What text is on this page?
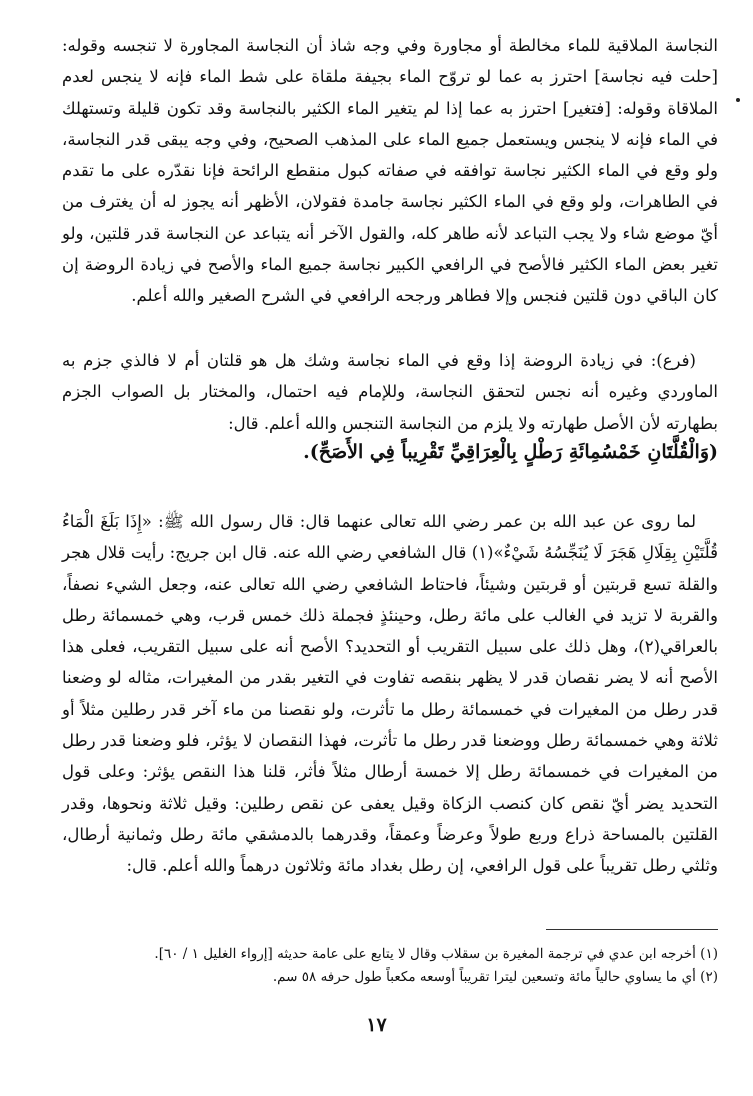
النجاسة الملاقية للماء مخالطة أو مجاورة وفي وجه شاذ أن النجاسة المجاورة لا تنجسه وقوله: [حلت فيه نجاسة] احترز به عما لو تروّح الماء بجيفة ملقاة على شط الماء فإنه لا ينجس لعدم الملاقاة وقوله: [فتغير] احترز به عما إذا لم يتغير الماء الكثير بالنجاسة وقد تكون قليلة وتستهلك في الماء فإنه لا ينجس ويستعمل جميع الماء على المذهب الصحيح، وفي وجه يبقى قدر النجاسة، ولو وقع في الماء الكثير نجاسة توافقه في صفاته كبول منقطع الرائحة فإنا نقدّره على ما تقدم في الطاهرات، ولو وقع في الماء الكثير نجاسة جامدة فقولان، الأظهر أنه يجوز له أن يغترف من أيّ موضع شاء ولا يجب التباعد لأنه طاهر كله، والقول الآخر أنه يتباعد عن النجاسة قدر قلتين، ولو تغير بعض الماء الكثير فالأصح في الرافعي الكبير نجاسة جميع الماء والأصح في زيادة الروضة إن كان الباقي دون قلتين فنجس وإلا فطاهر ورجحه الرافعي في الشرح الصغير والله أعلم.

(فرع): في زيادة الروضة إذا وقع في الماء نجاسة وشك هل هو قلتان أم لا فالذي جزم به الماوردي وغيره أنه نجس لتحقق النجاسة، وللإمام فيه احتمال، والمختار بل الصواب الجزم بطهارته لأن الأصل طهارته ولا يلزم من النجاسة التنجس والله أعلم. قال:

(وَالْقُلَّتَانِ خَمْسُمِائَةِ رَطْلٍ بِالْعِرَاقِيِّ تَقْرِيباً فِي الأَصَحِّ).

لما روى عن عبد الله بن عمر رضي الله تعالى عنهما قال: قال رسول الله ﷺ: «إِذَا بَلَغَ الْمَاءُ قُلَّتَيْنِ بِقِلَالِ هَجَرَ لَا يُنَجِّسُهُ شَيْءٌ»(١) قال الشافعي رضي الله عنه. قال ابن جريج: رأيت قلال هجر والقلة تسع قربتين أو قربتين وشيئاً، فاحتاط الشافعي رضي الله تعالى عنه، وجعل الشيء نصفاً، والقربة لا تزيد في الغالب على مائة رطل، وحينئذٍ فجملة ذلك خمس قرب، وهي خمسمائة رطل بالعراقي(٢)، وهل ذلك على سبيل التقريب أو التحديد؟ الأصح أنه على سبيل التقريب، فعلى هذا الأصح أنه لا يضر نقصان قدر لا يظهر بنقصه تفاوت في التغير بقدر من المغيرات، مثاله لو وضعنا قدر رطل من المغيرات في خمسمائة رطل ما تأثرت، ولو نقصنا من ماء آخر قدر رطلين مثلاً أو ثلاثة وهي خمسمائة رطل ووضعنا قدر رطل ما تأثرت، فهذا النقصان لا يؤثر، فلو وضعنا قدر رطل من المغيرات في خمسمائة رطل إلا خمسة أرطال مثلاً فأثر، قلنا هذا النقص يؤثر: وعلى قول التحديد يضر أيّ نقص كان كنصب الزكاة وقيل يعفى عن نقص رطلين: وقيل ثلاثة ونحوها، وقدر القلتين بالمساحة ذراع وربع طولاً وعرضاً وعمقاً، وقدرهما بالدمشقي مائة رطل وثمانية أرطال، وثلثي رطل تقريباً على قول الرافعي، إن رطل بغداد مائة وثلاثون درهماً والله أعلم. قال:

(١) أخرجه ابن عدي في ترجمة المغيرة بن سقلاب وقال لا يتابع على عامة حديثه [إرواء الغليل ١ / ٦٠].

(٢) أي ما يساوي حالياً مائة وتسعين ليترا تقريباً أوسعه مكعباً طول حرفه ٥٨ سم.

١٧
